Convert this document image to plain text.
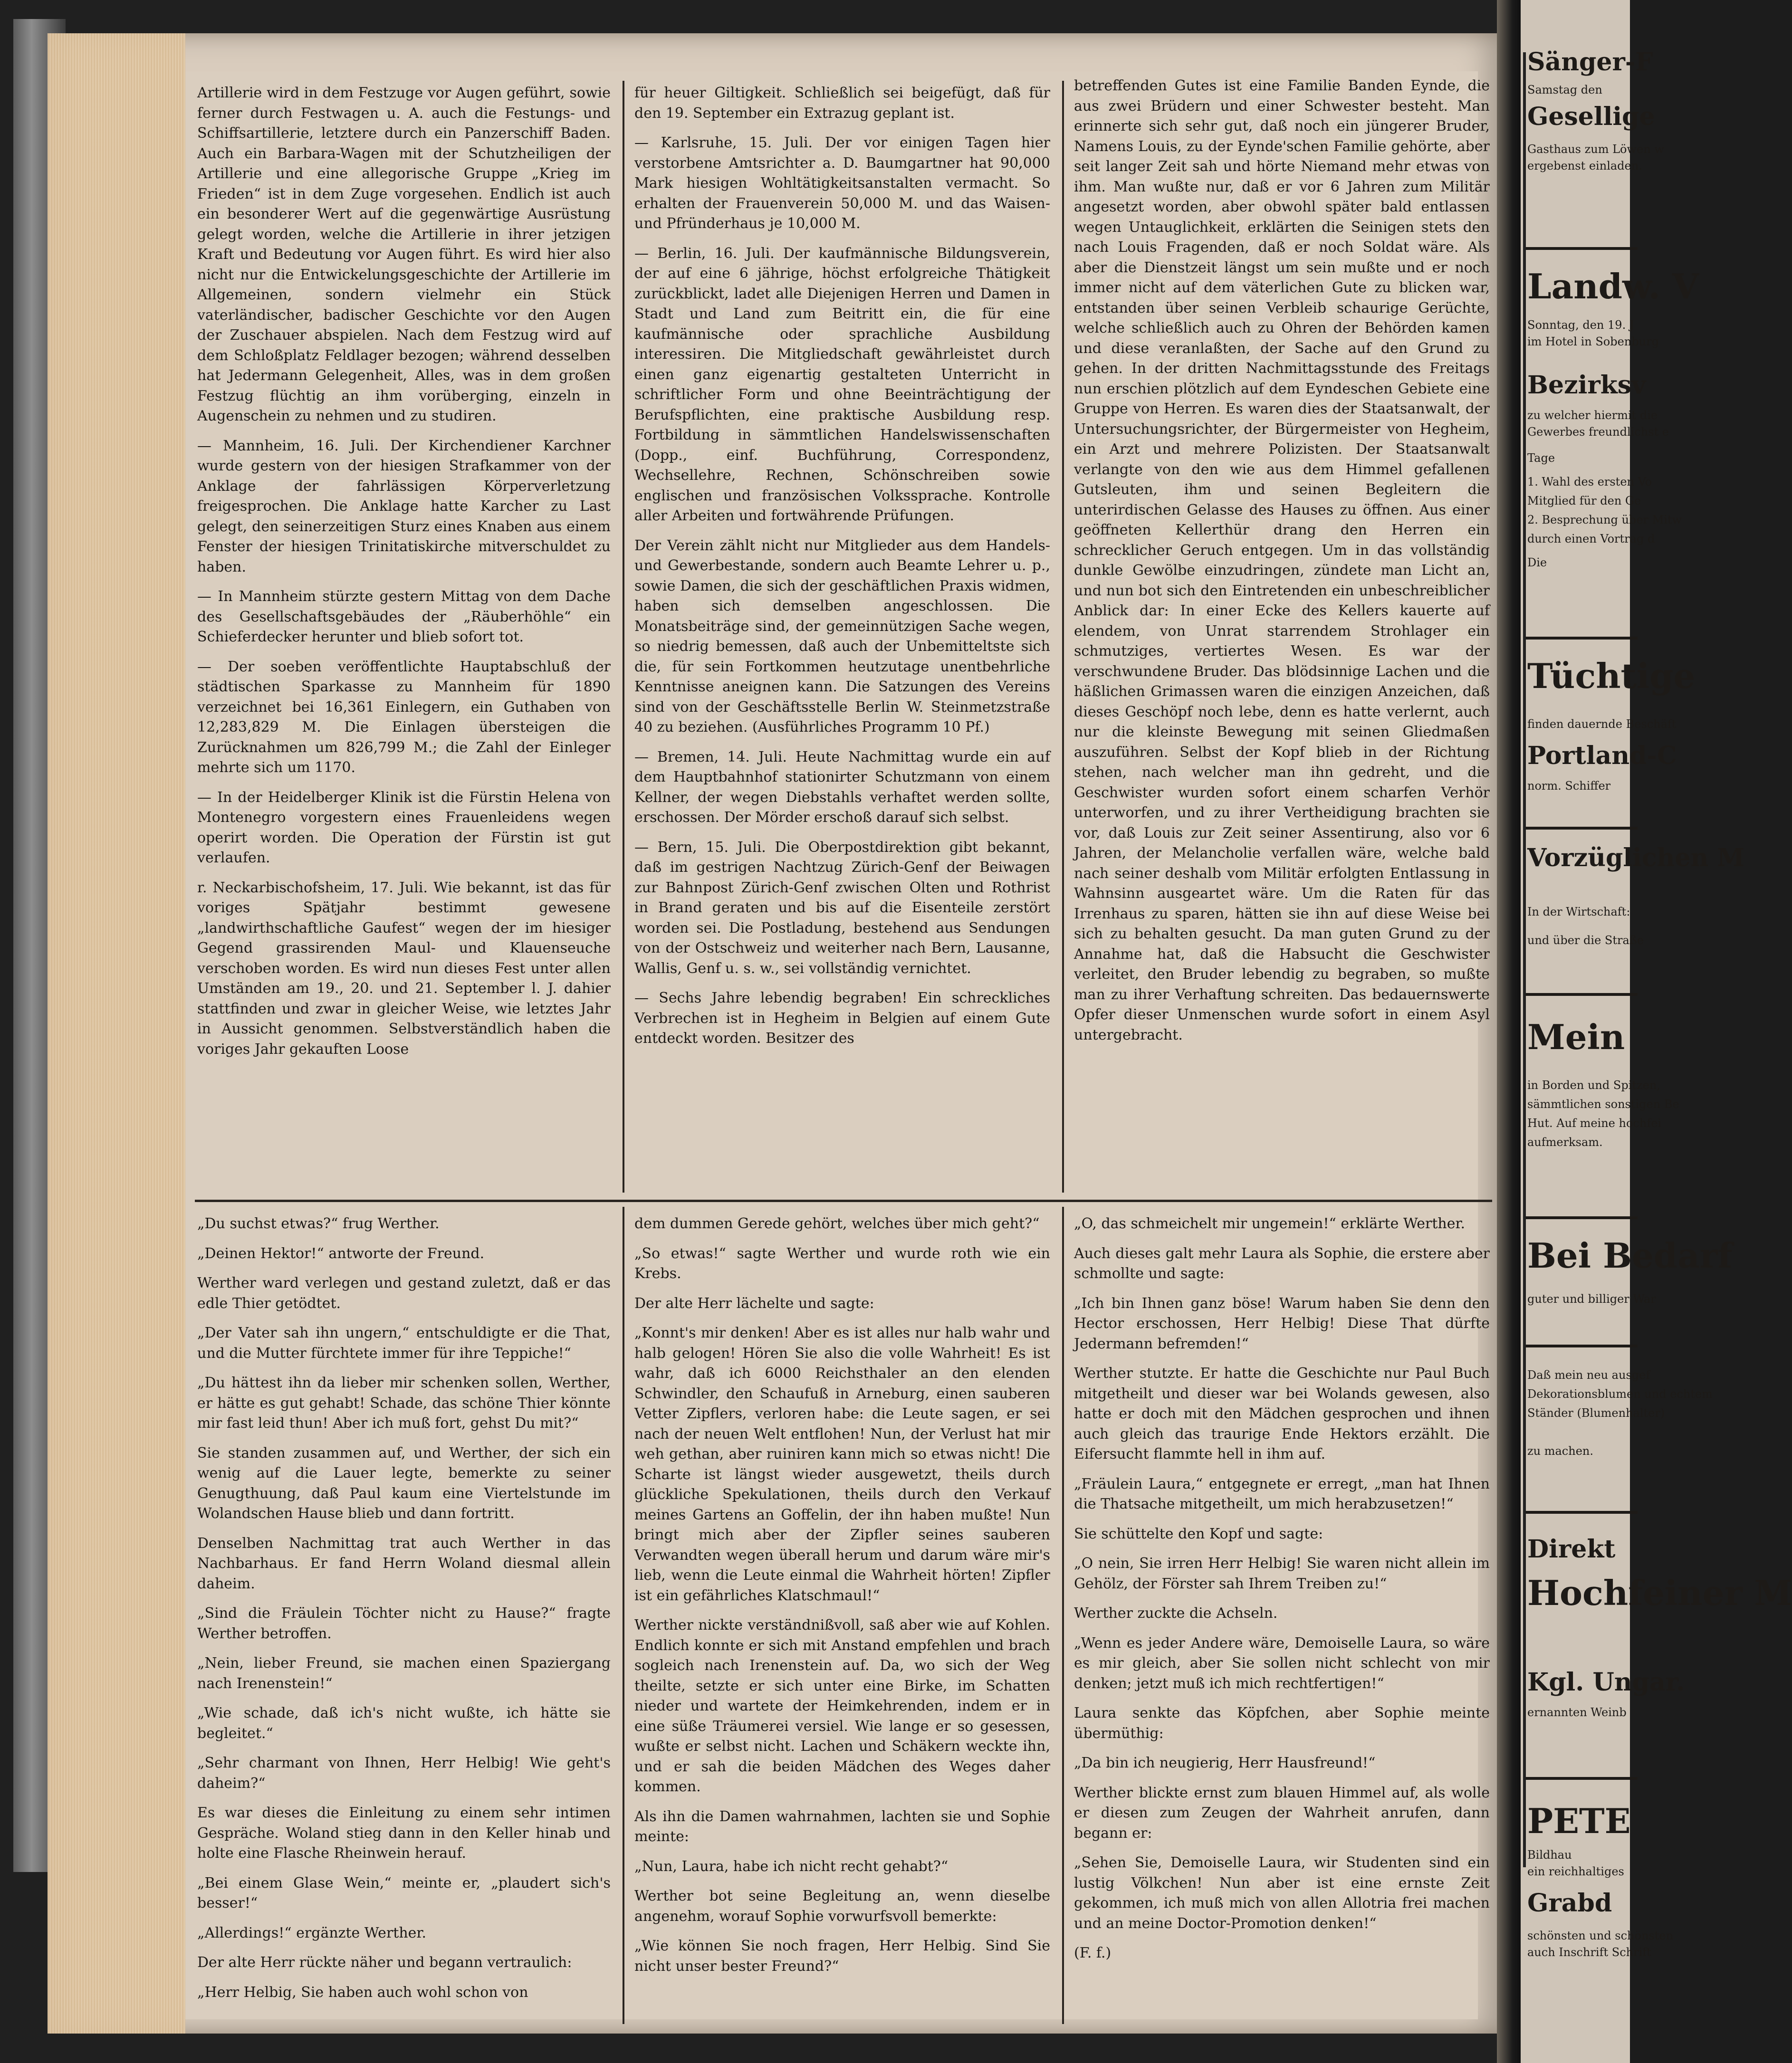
Artillerie wird in dem Festzuge vor Augen geführt, sowie ferner durch Festwagen u. A. auch die Festungs- und Schiffsartillerie, letztere durch ein Panzerschiff Baden. Auch ein Barbara-Wagen mit der Schutzheiligen der Artillerie und eine allegorische Gruppe „Krieg im Frieden“ ist in dem Zuge vorgesehen. Endlich ist auch ein besonderer Wert auf die gegenwärtige Ausrüstung gelegt worden, welche die Artillerie in ihrer jetzigen Kraft und Bedeutung vor Augen führt. Es wird hier also nicht nur die Entwickelungsgeschichte der Artillerie im Allgemeinen, sondern vielmehr ein Stück vaterländischer, badischer Geschichte vor den Augen der Zuschauer abspielen. Nach dem Festzug wird auf dem Schloßplatz Feldlager bezogen; während desselben hat Jedermann Gelegenheit, Alles, was in dem großen Festzug flüchtig an ihm vorüberging, einzeln in Augenschein zu nehmen und zu studiren.

— Mannheim, 16. Juli. Der Kirchendiener Karchner wurde gestern von der hiesigen Strafkammer von der Anklage der fahrlässigen Körperverletzung freigesprochen. Die Anklage hatte Karcher zu Last gelegt, den seinerzeitigen Sturz eines Knaben aus einem Fenster der hiesigen Trinitatiskirche mitverschuldet zu haben.

— In Mannheim stürzte gestern Mittag von dem Dache des Gesellschaftsgebäudes der „Räuberhöhle“ ein Schieferdecker herunter und blieb sofort tot.

— Der soeben veröffentlichte Hauptabschluß der städtischen Sparkasse zu Mannheim für 1890 verzeichnet bei 16,361 Einlegern, ein Guthaben von 12,283,829 M. Die Einlagen übersteigen die Zurücknahmen um 826,799 M.; die Zahl der Einleger mehrte sich um 1170.

— In der Heidelberger Klinik ist die Fürstin Helena von Montenegro vorgestern eines Frauenleidens wegen operirt worden. Die Operation der Fürstin ist gut verlaufen.

r. Neckarbischofsheim, 17. Juli. Wie bekannt, ist das für voriges Spätjahr bestimmt gewesene „landwirthschaftliche Gaufest“ wegen der im hiesiger Gegend grassirenden Maul- und Klauenseuche verschoben worden. Es wird nun dieses Fest unter allen Umständen am 19., 20. und 21. September l. J. dahier stattfinden und zwar in gleicher Weise, wie letztes Jahr in Aussicht genommen. Selbstverständlich haben die voriges Jahr gekauften Loose

für heuer Giltigkeit. Schließlich sei beigefügt, daß für den 19. September ein Extrazug geplant ist.

— Karlsruhe, 15. Juli. Der vor einigen Tagen hier verstorbene Amtsrichter a. D. Baumgartner hat 90,000 Mark hiesigen Wohltätigkeitsanstalten vermacht. So erhalten der Frauenverein 50,000 M. und das Waisen- und Pfründerhaus je 10,000 M.

— Berlin, 16. Juli. Der kaufmännische Bildungsverein, der auf eine 6 jährige, höchst erfolgreiche Thätigkeit zurückblickt, ladet alle Diejenigen Herren und Damen in Stadt und Land zum Beitritt ein, die für eine kaufmännische oder sprachliche Ausbildung interessiren. Die Mitgliedschaft gewährleistet durch einen ganz eigenartig gestalteten Unterricht in schriftlicher Form und ohne Beeinträchtigung der Berufspflichten, eine praktische Ausbildung resp. Fortbildung in sämmtlichen Handelswissenschaften (Dopp., einf. Buchführung, Correspondenz, Wechsellehre, Rechnen, Schönschreiben sowie englischen und französischen Volkssprache. Kontrolle aller Arbeiten und fortwährende Prüfungen.

Der Verein zählt nicht nur Mitglieder aus dem Handels- und Gewerbestande, sondern auch Beamte Lehrer u. p., sowie Damen, die sich der geschäftlichen Praxis widmen, haben sich demselben angeschlossen. Die Monatsbeiträge sind, der gemeinnützigen Sache wegen, so niedrig bemessen, daß auch der Unbemitteltste sich die, für sein Fortkommen heutzutage unentbehrliche Kenntnisse aneignen kann. Die Satzungen des Vereins sind von der Geschäftsstelle Berlin W. Steinmetzstraße 40 zu beziehen. (Ausführliches Programm 10 Pf.)

— Bremen, 14. Juli. Heute Nachmittag wurde ein auf dem Hauptbahnhof stationirter Schutzmann von einem Kellner, der wegen Diebstahls verhaftet werden sollte, erschossen. Der Mörder erschoß darauf sich selbst.

— Bern, 15. Juli. Die Oberpostdirektion gibt bekannt, daß im gestrigen Nachtzug Zürich-Genf der Beiwagen zur Bahnpost Zürich-Genf zwischen Olten und Rothrist in Brand geraten und bis auf die Eisenteile zerstört worden sei. Die Postladung, bestehend aus Sendungen von der Ostschweiz und weiterher nach Bern, Lausanne, Wallis, Genf u. s. w., sei vollständig vernichtet.

— Sechs Jahre lebendig begraben! Ein schreckliches Verbrechen ist in Hegheim in Belgien auf einem Gute entdeckt worden. Besitzer des

betreffenden Gutes ist eine Familie Banden Eynde, die aus zwei Brüdern und einer Schwester besteht. Man erinnerte sich sehr gut, daß noch ein jüngerer Bruder, Namens Louis, zu der Eynde'schen Familie gehörte, aber seit langer Zeit sah und hörte Niemand mehr etwas von ihm. Man wußte nur, daß er vor 6 Jahren zum Militär angesetzt worden, aber obwohl später bald entlassen wegen Untauglichkeit, erklärten die Seinigen stets den nach Louis Fragenden, daß er noch Soldat wäre. Als aber die Dienstzeit längst um sein mußte und er noch immer nicht auf dem väterlichen Gute zu blicken war, entstanden über seinen Verbleib schaurige Gerüchte, welche schließlich auch zu Ohren der Behörden kamen und diese veranlaßten, der Sache auf den Grund zu gehen. In der dritten Nachmittagsstunde des Freitags nun erschien plötzlich auf dem Eyndeschen Gebiete eine Gruppe von Herren. Es waren dies der Staatsanwalt, der Untersuchungsrichter, der Bürgermeister von Hegheim, ein Arzt und mehrere Polizisten. Der Staatsanwalt verlangte von den wie aus dem Himmel gefallenen Gutsleuten, ihm und seinen Begleitern die unterirdischen Gelasse des Hauses zu öffnen. Aus einer geöffneten Kellerthür drang den Herren ein schrecklicher Geruch entgegen. Um in das vollständig dunkle Gewölbe einzudringen, zündete man Licht an, und nun bot sich den Eintretenden ein unbeschreiblicher Anblick dar: In einer Ecke des Kellers kauerte auf elendem, von Unrat starrendem Strohlager ein schmutziges, vertiertes Wesen. Es war der verschwundene Bruder. Das blödsinnige Lachen und die häßlichen Grimassen waren die einzigen Anzeichen, daß dieses Geschöpf noch lebe, denn es hatte verlernt, auch nur die kleinste Bewegung mit seinen Gliedmaßen auszuführen. Selbst der Kopf blieb in der Richtung stehen, nach welcher man ihn gedreht, und die Geschwister wurden sofort einem scharfen Verhör unterworfen, und zu ihrer Vertheidigung brachten sie vor, daß Louis zur Zeit seiner Assentirung, also vor 6 Jahren, der Melancholie verfallen wäre, welche bald nach seiner deshalb vom Militär erfolgten Entlassung in Wahnsinn ausgeartet wäre. Um die Raten für das Irrenhaus zu sparen, hätten sie ihn auf diese Weise bei sich zu behalten gesucht. Da man guten Grund zu der Annahme hat, daß die Habsucht die Geschwister verleitet, den Bruder lebendig zu begraben, so mußte man zu ihrer Verhaftung schreiten. Das bedauernswerte Opfer dieser Unmenschen wurde sofort in einem Asyl untergebracht.

„Du suchst etwas?“ frug Werther.

„Deinen Hektor!“ antworte der Freund.

Werther ward verlegen und gestand zuletzt, daß er das edle Thier getödtet.

„Der Vater sah ihn ungern,“ entschuldigte er die That, und die Mutter fürchtete immer für ihre Teppiche!“

„Du hättest ihn da lieber mir schenken sollen, Werther, er hätte es gut gehabt! Schade, das schöne Thier könnte mir fast leid thun! Aber ich muß fort, gehst Du mit?“

Sie standen zusammen auf, und Werther, der sich ein wenig auf die Lauer legte, bemerkte zu seiner Genugthuung, daß Paul kaum eine Viertelstunde im Wolandschen Hause blieb und dann fortritt.

Denselben Nachmittag trat auch Werther in das Nachbarhaus. Er fand Herrn Woland diesmal allein daheim.

„Sind die Fräulein Töchter nicht zu Hause?“ fragte Werther betroffen.

„Nein, lieber Freund, sie machen einen Spaziergang nach Irenenstein!“

„Wie schade, daß ich's nicht wußte, ich hätte sie begleitet.“

„Sehr charmant von Ihnen, Herr Helbig! Wie geht's daheim?“

Es war dieses die Einleitung zu einem sehr intimen Gespräche. Woland stieg dann in den Keller hinab und holte eine Flasche Rheinwein herauf.

„Bei einem Glase Wein,“ meinte er, „plaudert sich's besser!“

„Allerdings!“ ergänzte Werther.

Der alte Herr rückte näher und begann vertraulich:

„Herr Helbig, Sie haben auch wohl schon von

dem dummen Gerede gehört, welches über mich geht?“

„So etwas!“ sagte Werther und wurde roth wie ein Krebs.

Der alte Herr lächelte und sagte:

„Konnt's mir denken! Aber es ist alles nur halb wahr und halb gelogen! Hören Sie also die volle Wahrheit! Es ist wahr, daß ich 6000 Reichsthaler an den elenden Schwindler, den Schaufuß in Arneburg, einen sauberen Vetter Zipflers, verloren habe: die Leute sagen, er sei nach der neuen Welt entflohen! Nun, der Verlust hat mir weh gethan, aber ruiniren kann mich so etwas nicht! Die Scharte ist längst wieder ausgewetzt, theils durch glückliche Spekulationen, theils durch den Verkauf meines Gartens an Goffelin, der ihn haben mußte! Nun bringt mich aber der Zipfler seines sauberen Verwandten wegen überall herum und darum wäre mir's lieb, wenn die Leute einmal die Wahrheit hörten! Zipfler ist ein gefährliches Klatschmaul!“

Werther nickte verständnißvoll, saß aber wie auf Kohlen. Endlich konnte er sich mit Anstand empfehlen und brach sogleich nach Irenenstein auf. Da, wo sich der Weg theilte, setzte er sich unter eine Birke, im Schatten nieder und wartete der Heimkehrenden, indem er in eine süße Träumerei versiel. Wie lange er so gesessen, wußte er selbst nicht. Lachen und Schäkern weckte ihn, und er sah die beiden Mädchen des Weges daher kommen.

Als ihn die Damen wahrnahmen, lachten sie und Sophie meinte:

„Nun, Laura, habe ich nicht recht gehabt?“

Werther bot seine Begleitung an, wenn dieselbe angenehm, worauf Sophie vorwurfsvoll bemerkte:

„Wie können Sie noch fragen, Herr Helbig. Sind Sie nicht unser bester Freund?“

„O, das schmeichelt mir ungemein!“ erklärte Werther.

Auch dieses galt mehr Laura als Sophie, die erstere aber schmollte und sagte:

„Ich bin Ihnen ganz böse! Warum haben Sie denn den Hector erschossen, Herr Helbig! Diese That dürfte Jedermann befremden!“

Werther stutzte. Er hatte die Geschichte nur Paul Buch mitgetheilt und dieser war bei Wolands gewesen, also hatte er doch mit den Mädchen gesprochen und ihnen auch gleich das traurige Ende Hektors erzählt. Die Eifersucht flammte hell in ihm auf.

„Fräulein Laura,“ entgegnete er erregt, „man hat Ihnen die Thatsache mitgetheilt, um mich herabzusetzen!“

Sie schüttelte den Kopf und sagte:

„O nein, Sie irren Herr Helbig! Sie waren nicht allein im Gehölz, der Förster sah Ihrem Treiben zu!“

Werther zuckte die Achseln.

„Wenn es jeder Andere wäre, Demoiselle Laura, so wäre es mir gleich, aber Sie sollen nicht schlecht von mir denken; jetzt muß ich mich rechtfertigen!“

Laura senkte das Köpfchen, aber Sophie meinte übermüthig:

„Da bin ich neugierig, Herr Hausfreund!“

Werther blickte ernst zum blauen Himmel auf, als wolle er diesen zum Zeugen der Wahrheit anrufen, dann begann er:

„Sehen Sie, Demoiselle Laura, wir Studenten sind ein lustig Völkchen! Nun aber ist eine ernste Zeit gekommen, ich muß mich von allen Allotria frei machen und an meine Doctor-Promotion denken!“

(F. f.)

Sänger-F
Samstag den
Gesellige
Gasthaus zum Löwen w
ergebenst einladen.
Landw. V
Sonntag, den 19. J
im Hotel in Sobenburg
Bezirksv
zu welcher hiermit die
Gewerbes freundlichst e
Tage
1. Wahl des ersten Vo
Mitglied für den Ge
2. Besprechung über Mitw
durch einen Vortrag d
Die
Tüchtige
finden dauernde Beschäft
Portland-C
norm. Schiffer
Vorzüglichen M
In der Wirtschaft:
und über die Straße
Mein
in Borden und Spitzen,
sämmtlichen sonstigen Be
Hut. Auf meine hochfei
aufmerksam.
Bei Bedarf
guter und billiger War
Daß mein neu ausgef
Dekorationsblumen und echtem
Ständer (Blumenhalter)
zu machen.
Direkt
Hochfeiner M
Kgl. Ungar.
ernannten Weinb
PETE
Bildhau
ein reichhaltiges
Grabd
schönsten und schönsten
auch Inschrift Schrift
